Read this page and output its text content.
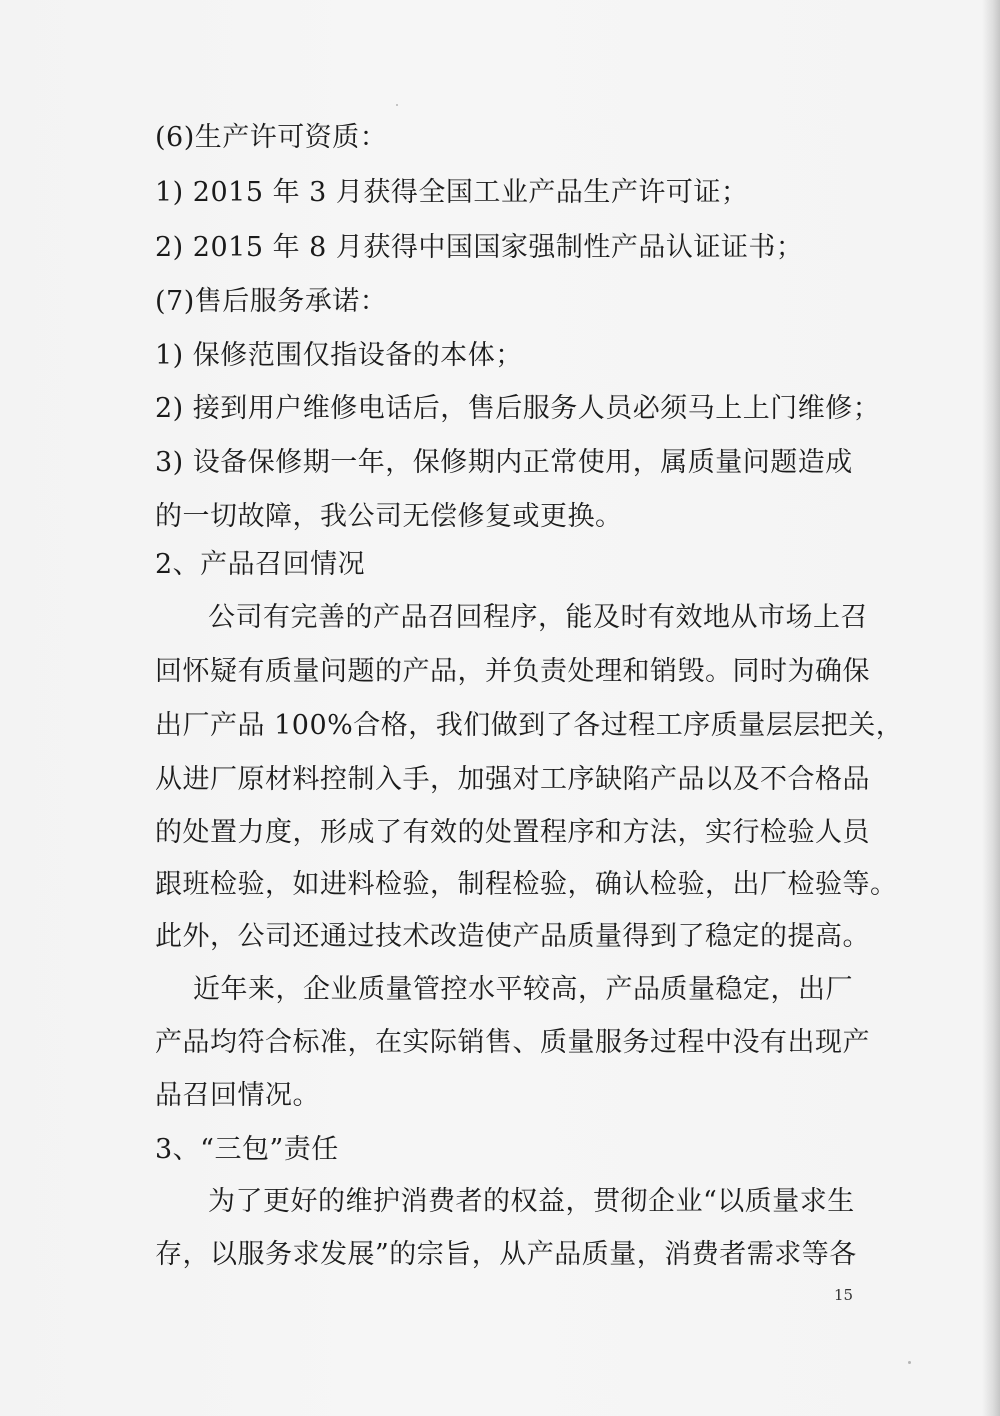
(6)生产许可资质：
1) 2015 年 3 月获得全国工业产品生产许可证；
2) 2015 年 8 月获得中国国家强制性产品认证证书；
(7)售后服务承诺：
1) 保修范围仅指设备的本体；
2) 接到用户维修电话后，售后服务人员必须马上上门维修；
3) 设备保修期一年，保修期内正常使用，属质量问题造成
的一切故障，我公司无偿修复或更换。
2、产品召回情况
公司有完善的产品召回程序，能及时有效地从市场上召
回怀疑有质量问题的产品，并负责处理和销毁。同时为确保
出厂产品 100%合格，我们做到了各过程工序质量层层把关，
从进厂原材料控制入手，加强对工序缺陷产品以及不合格品
的处置力度，形成了有效的处置程序和方法，实行检验人员
跟班检验，如进料检验，制程检验，确认检验，出厂检验等。
此外，公司还通过技术改造使产品质量得到了稳定的提高。
近年来，企业质量管控水平较高，产品质量稳定，出厂
产品均符合标准，在实际销售、质量服务过程中没有出现产
品召回情况。
3、“三包”责任
为了更好的维护消费者的权益，贯彻企业“以质量求生
存，以服务求发展”的宗旨，从产品质量，消费者需求等各
15
